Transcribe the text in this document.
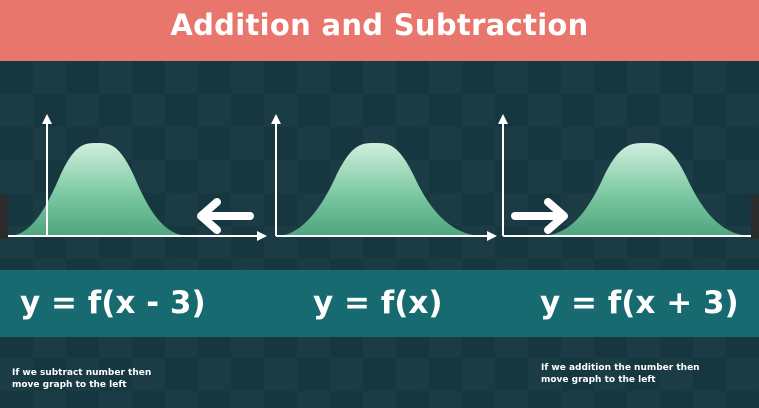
Addition and Subtraction
y = f(x - 3)	y = f(x)	y = f(x + 3)
If we subtract number then move graph to the left
If we addition the number then move graph to the left
